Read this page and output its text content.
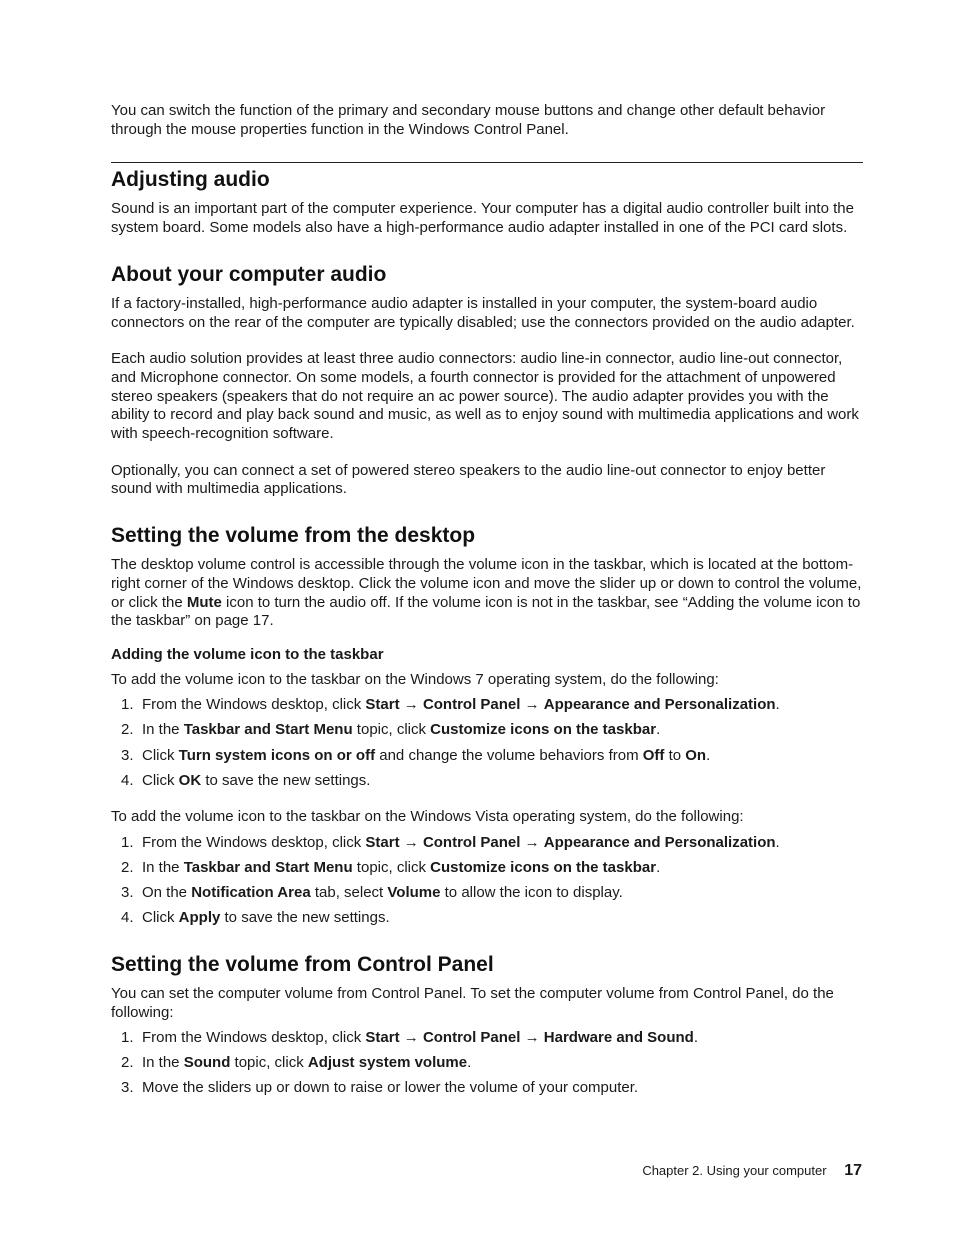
You can switch the function of the primary and secondary mouse buttons and change other default behavior through the mouse properties function in the Windows Control Panel.

Adjusting audio

Sound is an important part of the computer experience. Your computer has a digital audio controller built into the system board. Some models also have a high-performance audio adapter installed in one of the PCI card slots.

About your computer audio

If a factory-installed, high-performance audio adapter is installed in your computer, the system-board audio connectors on the rear of the computer are typically disabled; use the connectors provided on the audio adapter.

Each audio solution provides at least three audio connectors: audio line-in connector, audio line-out connector, and Microphone connector. On some models, a fourth connector is provided for the attachment of unpowered stereo speakers (speakers that do not require an ac power source). The audio adapter provides you with the ability to record and play back sound and music, as well as to enjoy sound with multimedia applications and work with speech-recognition software.

Optionally, you can connect a set of powered stereo speakers to the audio line-out connector to enjoy better sound with multimedia applications.

Setting the volume from the desktop

The desktop volume control is accessible through the volume icon in the taskbar, which is located at the bottom-right corner of the Windows desktop. Click the volume icon and move the slider up or down to control the volume, or click the Mute icon to turn the audio off. If the volume icon is not in the taskbar, see “Adding the volume icon to the taskbar” on page 17.

Adding the volume icon to the taskbar

To add the volume icon to the taskbar on the Windows 7 operating system, do the following:

1. From the Windows desktop, click Start → Control Panel → Appearance and Personalization.
2. In the Taskbar and Start Menu topic, click Customize icons on the taskbar.
3. Click Turn system icons on or off and change the volume behaviors from Off to On.
4. Click OK to save the new settings.

To add the volume icon to the taskbar on the Windows Vista operating system, do the following:

1. From the Windows desktop, click Start → Control Panel → Appearance and Personalization.
2. In the Taskbar and Start Menu topic, click Customize icons on the taskbar.
3. On the Notification Area tab, select Volume to allow the icon to display.
4. Click Apply to save the new settings.
Setting the volume from Control Panel

You can set the computer volume from Control Panel. To set the computer volume from Control Panel, do the following:

1. From the Windows desktop, click Start → Control Panel → Hardware and Sound.
2. In the Sound topic, click Adjust system volume.
3. Move the sliders up or down to raise or lower the volume of your computer.
Chapter 2. Using your computer 17
